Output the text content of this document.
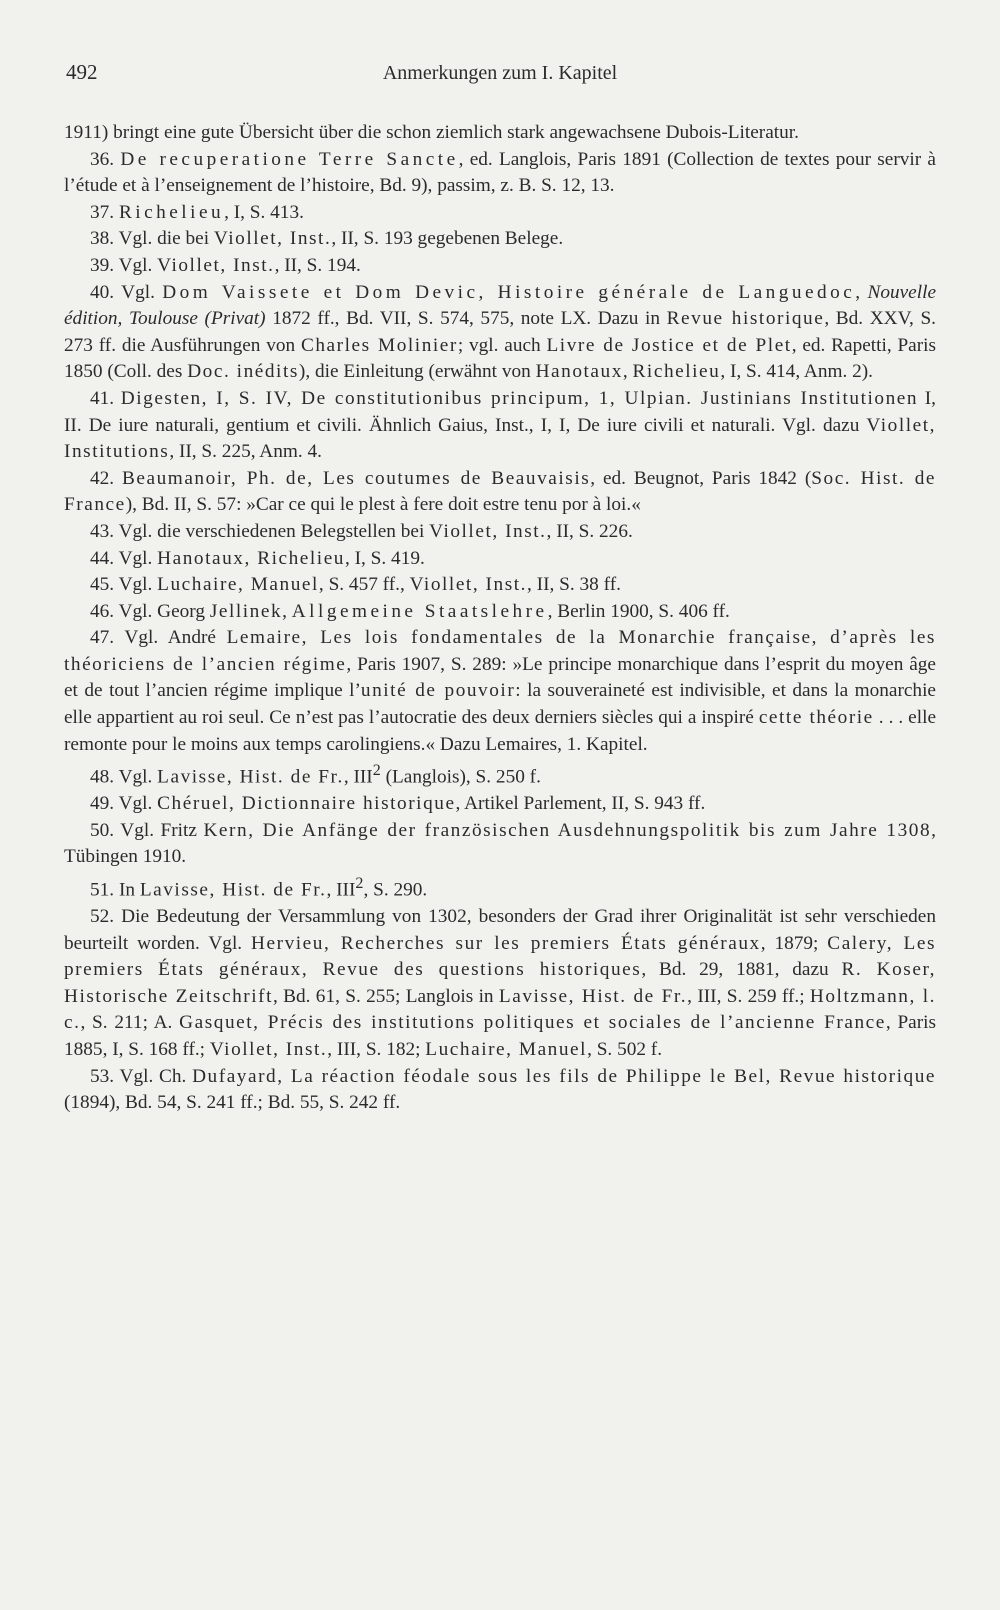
492	Anmerkungen zum I. Kapitel

1911) bringt eine gute Übersicht über die schon ziemlich stark angewachsene Dubois-Literatur.

36. De recuperatione Terre Sancte, ed. Langlois, Paris 1891 (Collection de textes pour servir à l’étude et à l’enseignement de l’histoire, Bd. 9), passim, z. B. S. 12, 13.

37. Richelieu, I, S. 413.

38. Vgl. die bei Viollet, Inst., II, S. 193 gegebenen Belege.

39. Vgl. Viollet, Inst., II, S. 194.

40. Vgl. Dom Vaissete et Dom Devic, Histoire générale de Languedoc, Nouvelle édition, Toulouse (Privat) 1872 ff., Bd. VII, S. 574, 575, note LX. Dazu in Revue historique, Bd. XXV, S. 273 ff. die Ausführungen von Charles Molinier; vgl. auch Livre de Jostice et de Plet, ed. Rapetti, Paris 1850 (Coll. des Doc. inédits), die Einleitung (erwähnt von Hanotaux, Richelieu, I, S. 414, Anm. 2).

41. Digesten, I, S. IV, De constitutionibus principum, 1, Ulpian. Justinians Institutionen I, II. De iure naturali, gentium et civili. Ähnlich Gaius, Inst., I, I, De iure civili et naturali. Vgl. dazu Viollet, Institutions, II, S. 225, Anm. 4.

42. Beaumanoir, Ph. de, Les coutumes de Beauvaisis, ed. Beugnot, Paris 1842 (Soc. Hist. de France), Bd. II, S. 57: »Car ce qui le plest à fere doit estre tenu por à loi.«

43. Vgl. die verschiedenen Belegstellen bei Viollet, Inst., II, S. 226.

44. Vgl. Hanotaux, Richelieu, I, S. 419.

45. Vgl. Luchaire, Manuel, S. 457 ff., Viollet, Inst., II, S. 38 ff.

46. Vgl. Georg Jellinek, Allgemeine Staatslehre, Berlin 1900, S. 406 ff.

47. Vgl. André Lemaire, Les lois fondamentales de la Monarchie française, d’après les théoriciens de l’ancien régime, Paris 1907, S. 289: »Le principe monarchique dans l’esprit du moyen âge et de tout l’ancien régime implique l’unité de pouvoir: la souveraineté est indivisible, et dans la monarchie elle appartient au roi seul. Ce n’est pas l’autocratie des deux derniers siècles qui a inspiré cette théorie . . . elle remonte pour le moins aux temps carolingiens.« Dazu Lemaires, 1. Kapitel.

48. Vgl. Lavisse, Hist. de Fr., III$^2$ (Langlois), S. 250 f.

49. Vgl. Chéruel, Dictionnaire historique, Artikel Parlement, II, S. 943 ff.

50. Vgl. Fritz Kern, Die Anfänge der französischen Ausdehnungspolitik bis zum Jahre 1308, Tübingen 1910.

51. In Lavisse, Hist. de Fr., III$^2$, S. 290.

52. Die Bedeutung der Versammlung von 1302, besonders der Grad ihrer Originalität ist sehr verschieden beurteilt worden. Vgl. Hervieu, Recherches sur les premiers États généraux, 1879; Calery, Les premiers États généraux, Revue des questions historiques, Bd. 29, 1881, dazu R. Koser, Historische Zeitschrift, Bd. 61, S. 255; Langlois in Lavisse, Hist. de Fr., III, S. 259 ff.; Holtzmann, l. c., S. 211; A. Gasquet, Précis des institutions politiques et sociales de l’ancienne France, Paris 1885, I, S. 168 ff.; Viollet, Inst., III, S. 182; Luchaire, Manuel, S. 502 f.

53. Vgl. Ch. Dufayard, La réaction féodale sous les fils de Philippe le Bel, Revue historique (1894), Bd. 54, S. 241 ff.; Bd. 55, S. 242 ff.
